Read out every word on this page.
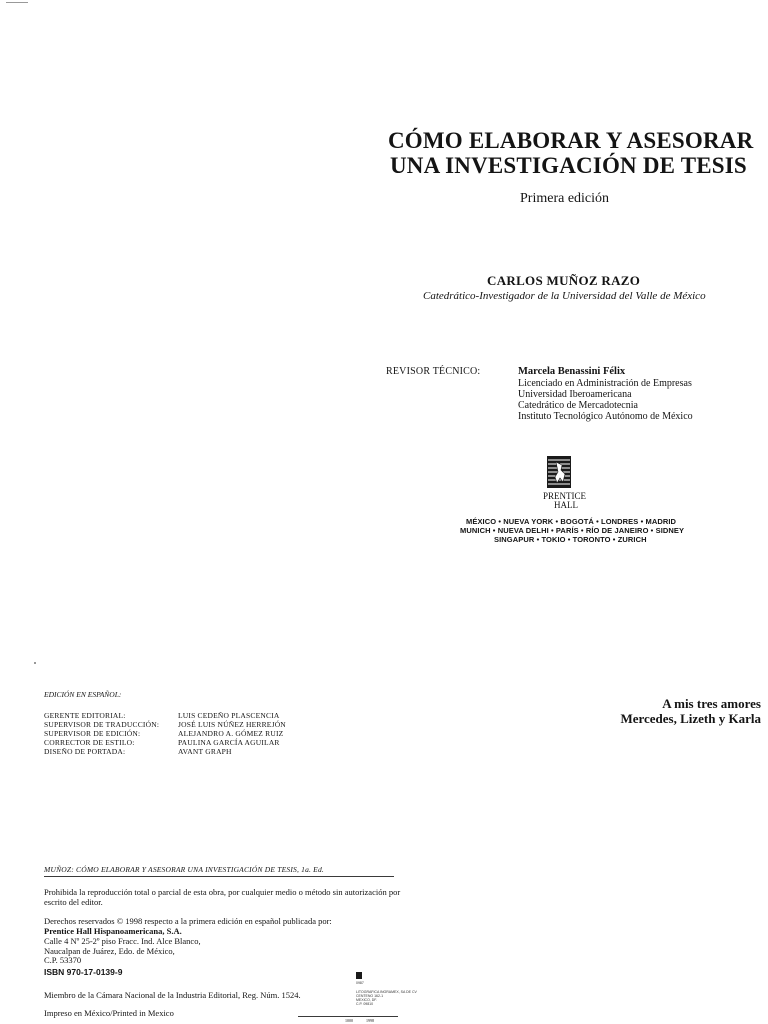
CÓMO ELABORAR Y ASESORAR
UNA INVESTIGACIÓN DE TESIS
Primera edición
CARLOS MUÑOZ RAZO
Catedrático-Investigador de la Universidad del Valle de México
REVISOR TÉCNICO:	Marcela Benassini Félix
Licenciado en Administración de Empresas
Universidad Iberoamericana
Catedrático de Mercadotecnia
Instituto Tecnológico Autónomo de México
PRENTICE
HALL
MÉXICO • NUEVA YORK • BOGOTÁ • LONDRES • MADRID
MUNICH • NUEVA DELHI • PARÍS • RÍO DE JANEIRO • SIDNEY
SINGAPUR • TOKIO • TORONTO • ZURICH
EDICIÓN EN ESPAÑOL:
GERENTE EDITORIAL:	LUIS CEDEÑO PLASCENCIA
SUPERVISOR DE TRADUCCIÓN:	JOSÉ LUIS NÚÑEZ HERREJÓN
SUPERVISOR DE EDICIÓN:	ALEJANDRO A. GÓMEZ RUIZ
CORRECTOR DE ESTILO:	PAULINA GARCÍA AGUILAR
DISEÑO DE PORTADA:	AVANT GRAPH
A mis tres amores
Mercedes, Lizeth y Karla
MUÑOZ: CÓMO ELABORAR Y ASESORAR UNA INVESTIGACIÓN DE TESIS, 1a. Ed.
Prohibida la reproducción total o parcial de esta obra, por cualquier medio o método sin autorización por
escrito del editor.
Derechos reservados © 1998 respecto a la primera edición en español publicada por:
Prentice Hall Hispanoamericana, S.A.
Calle 4 Nº 25-2º piso Fracc. Ind. Alce Blanco,
Naucalpan de Juárez, Edo. de México,
C.P. 53370
ISBN 970-17-0139-9
Miembro de la Cámara Nacional de la Industria Editorial, Reg. Núm. 1524.
Impreso en México/Printed in Mexico
0987
LITOGRAFICA INGRAMEX, SA DE CV
CENTENO 162-1
MEXICO, DF.
C.P. 09810
1000	1998
